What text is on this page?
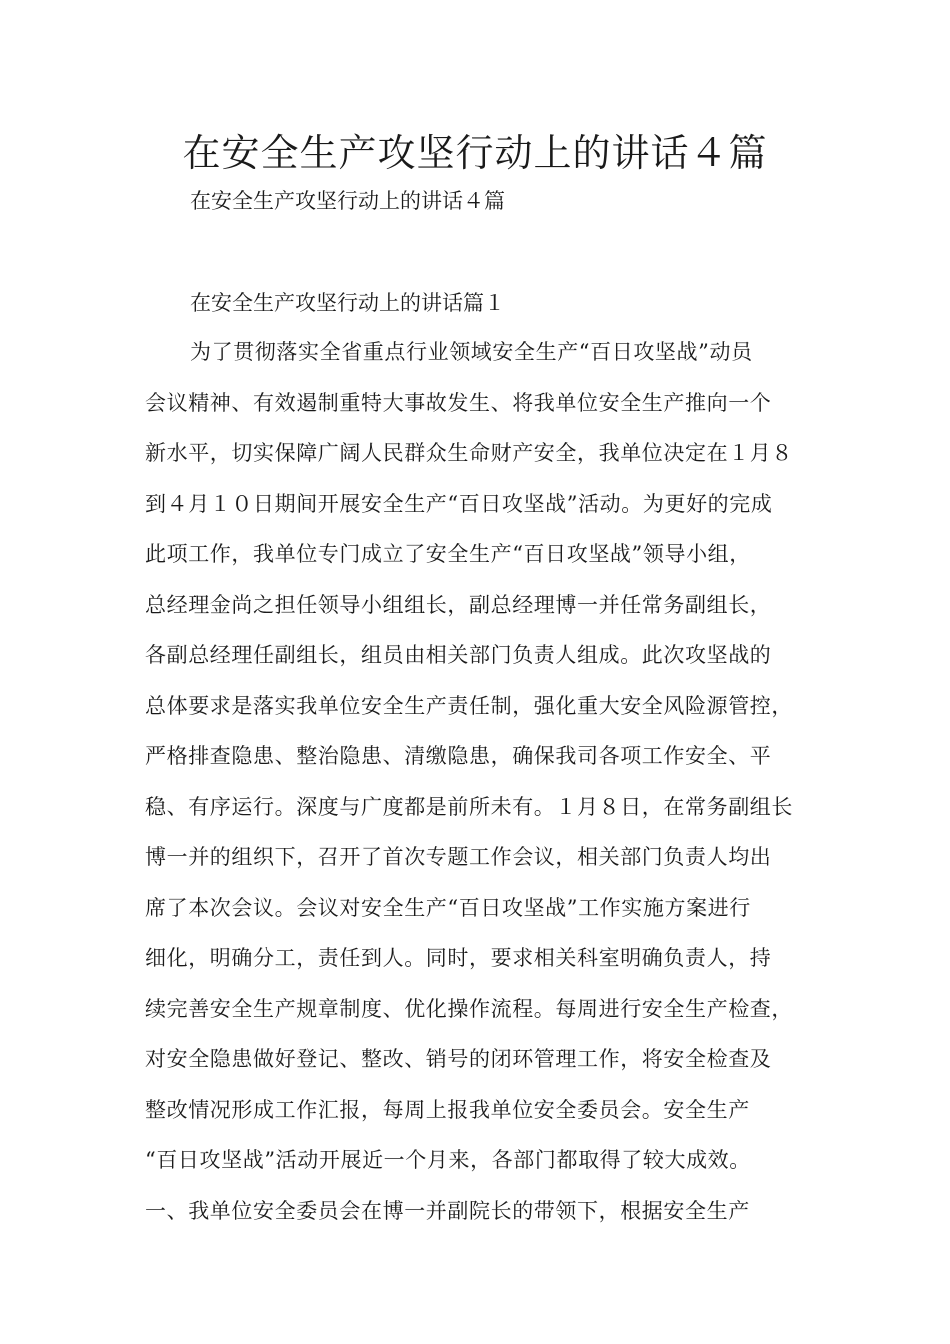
在安全生产攻坚行动上的讲话４篇

在安全生产攻坚行动上的讲话４篇

在安全生产攻坚行动上的讲话篇１

为了贯彻落实全省重点行业领域安全生产“百日攻坚战”动员
会议精神、有效遏制重特大事故发生、将我单位安全生产推向一个
新水平，切实保障广阔人民群众生命财产安全，我单位决定在１月８
到４月１０日期间开展安全生产“百日攻坚战”活动。为更好的完成
此项工作，我单位专门成立了安全生产“百日攻坚战”领导小组，
总经理金尚之担任领导小组组长，副总经理博一并任常务副组长，
各副总经理任副组长，组员由相关部门负责人组成。此次攻坚战的
总体要求是落实我单位安全生产责任制，强化重大安全风险源管控，
严格排查隐患、整治隐患、清缴隐患，确保我司各项工作安全、平
稳、有序运行。深度与广度都是前所未有。１月８日，在常务副组长
博一并的组织下，召开了首次专题工作会议，相关部门负责人均出
席了本次会议。会议对安全生产“百日攻坚战”工作实施方案进行
细化，明确分工，责任到人。同时，要求相关科室明确负责人，持
续完善安全生产规章制度、优化操作流程。每周进行安全生产检查，
对安全隐患做好登记、整改、销号的闭环管理工作，将安全检查及
整改情况形成工作汇报，每周上报我单位安全委员会。安全生产
“百日攻坚战”活动开展近一个月来，各部门都取得了较大成效。
一、我单位安全委员会在博一并副院长的带领下，根据安全生产
